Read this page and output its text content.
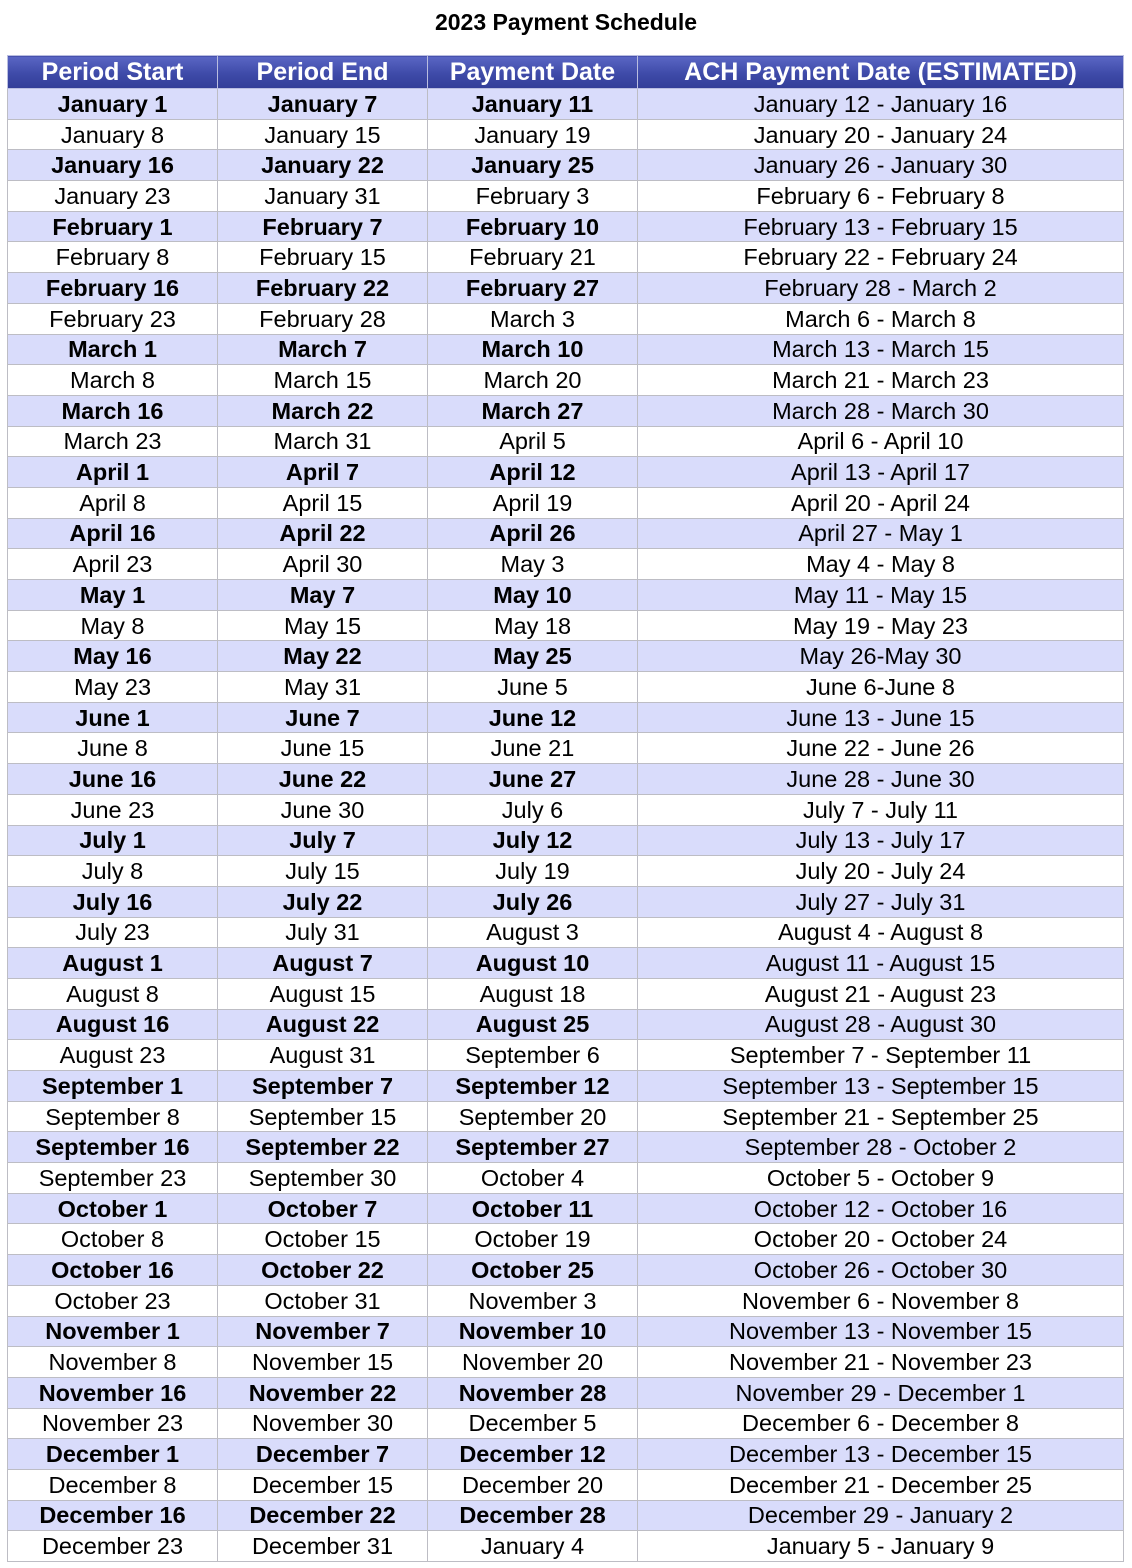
2023 Payment Schedule
Period Start	Period End	Payment Date	ACH Payment Date (ESTIMATED)
January 1	January 7	January 11	January 12 - January 16
January 8	January 15	January 19	January 20 - January 24
January 16	January 22	January 25	January 26 - January 30
January 23	January 31	February 3	February 6 - February 8
February 1	February 7	February 10	February 13 - February 15
February 8	February 15	February 21	February 22 - February 24
February 16	February 22	February 27	February 28 - March 2
February 23	February 28	March 3	March 6 - March 8
March 1	March 7	March 10	March 13 - March 15
March 8	March 15	March 20	March 21 - March 23
March 16	March 22	March 27	March 28 - March 30
March 23	March 31	April 5	April 6 - April 10
April 1	April 7	April 12	April 13 - April 17
April 8	April 15	April 19	April 20 - April 24
April 16	April 22	April 26	April 27 - May 1
April 23	April 30	May 3	May 4 - May 8
May 1	May 7	May 10	May 11 - May 15
May 8	May 15	May 18	May 19 - May 23
May 16	May 22	May 25	May 26-May 30
May 23	May 31	June 5	June 6-June 8
June 1	June 7	June 12	June 13 - June 15
June 8	June 15	June 21	June 22 - June 26
June 16	June 22	June 27	June 28 - June 30
June 23	June 30	July 6	July 7 - July 11
July 1	July 7	July 12	July 13 - July 17
July 8	July 15	July 19	July 20 - July 24
July 16	July 22	July 26	July 27 - July 31
July 23	July 31	August 3	August 4 - August 8
August 1	August 7	August 10	August 11 - August 15
August 8	August 15	August 18	August 21 - August 23
August 16	August 22	August 25	August 28 - August 30
August 23	August 31	September 6	September 7 - September 11
September 1	September 7	September 12	September 13 - September 15
September 8	September 15	September 20	September 21 - September 25
September 16	September 22	September 27	September 28 - October 2
September 23	September 30	October 4	October 5 - October 9
October 1	October 7	October 11	October 12 - October 16
October 8	October 15	October 19	October 20 - October 24
October 16	October 22	October 25	October 26 - October 30
October 23	October 31	November 3	November 6 - November 8
November 1	November 7	November 10	November 13 - November 15
November 8	November 15	November 20	November 21 - November 23
November 16	November 22	November 28	November 29 - December 1
November 23	November 30	December 5	December 6 - December 8
December 1	December 7	December 12	December 13 - December 15
December 8	December 15	December 20	December 21 - December 25
December 16	December 22	December 28	December 29 - January 2
December 23	December 31	January 4	January 5 - January 9
